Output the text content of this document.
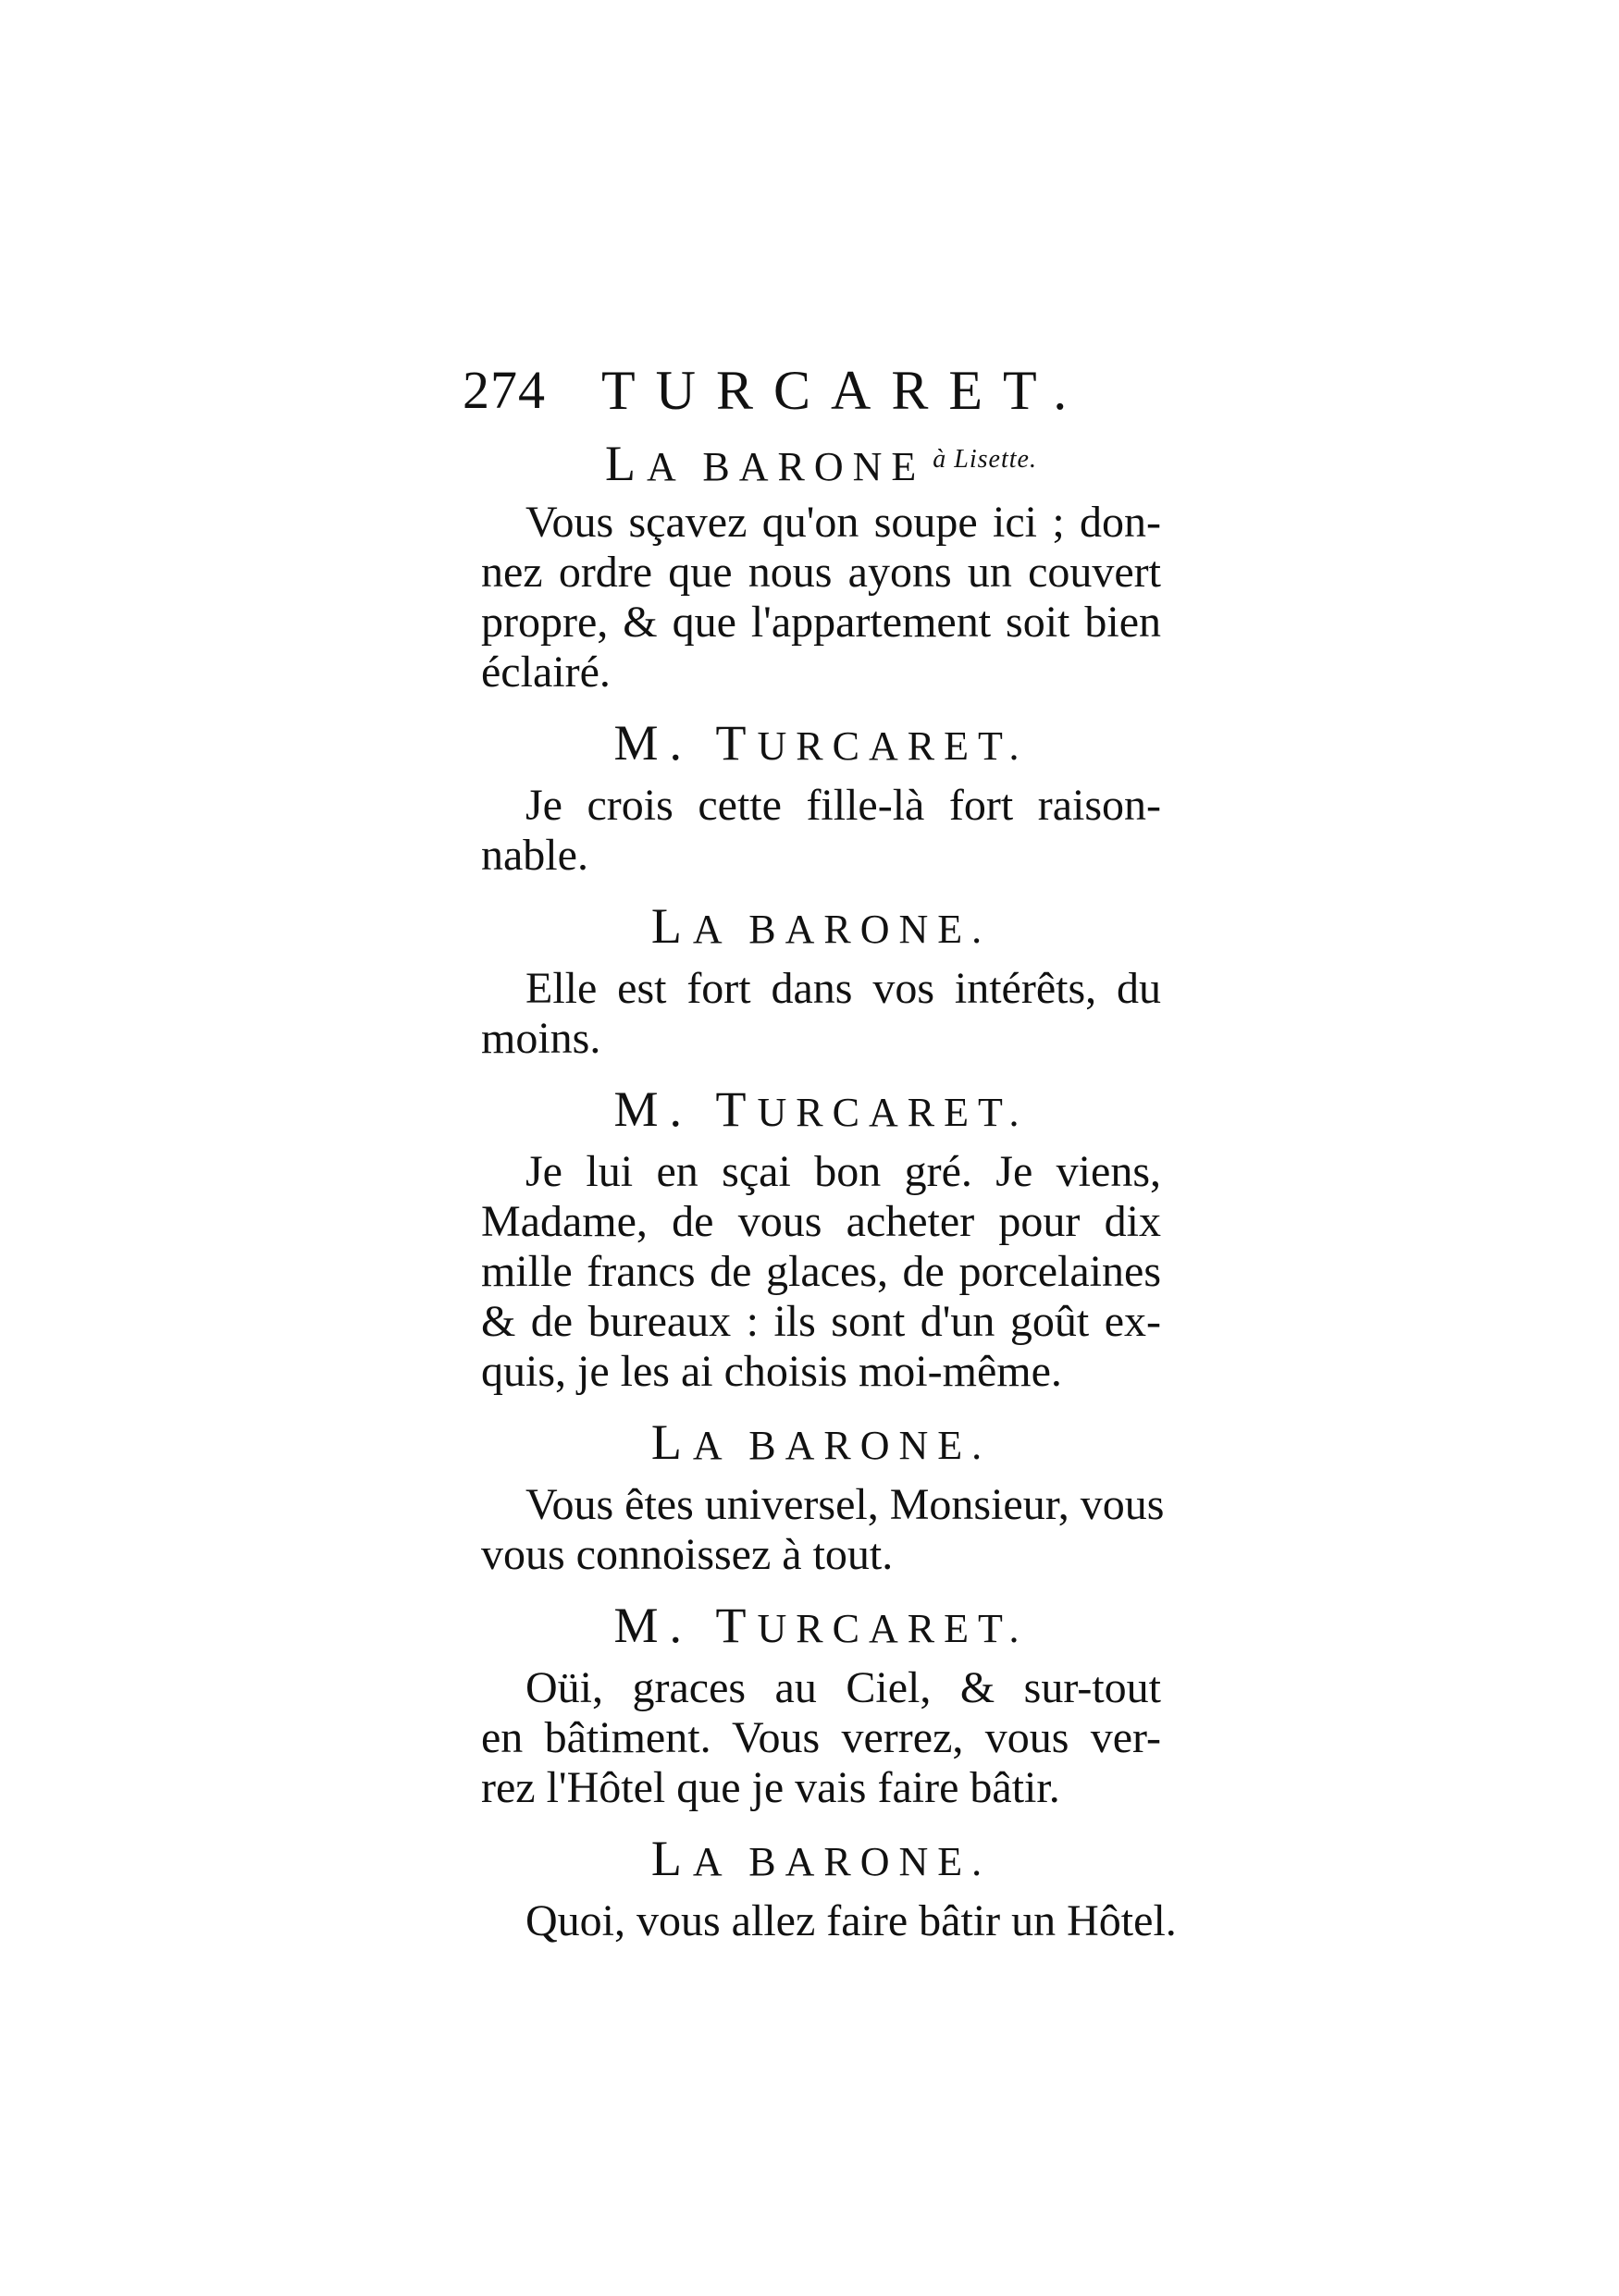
274 TURCARET.
LA BARONE $^{à Lisette.}$
Vous sçavez qu'on soupe ici ; don-
nez ordre que nous ayons un couvert
propre, & que l'appartement soit bien
éclairé.
M. TURCARET.
Je crois cette fille-là fort raison-
nable.
LA BARONE.
Elle est fort dans vos intérêts, du
moins.
M. TURCARET.
Je lui en sçai bon gré. Je viens,
Madame, de vous acheter pour dix
mille francs de glaces, de porcelaines
& de bureaux : ils sont d'un goût ex-
quis, je les ai choisis moi-même.
LA BARONE.
Vous êtes universel, Monsieur, vous
vous connoissez à tout.
M. TURCARET.
Oüi, graces au Ciel, & sur-tout
en bâtiment. Vous verrez, vous ver-
rez l'Hôtel que je vais faire bâtir.
LA BARONE.
Quoi, vous allez faire bâtir un Hôtel.
